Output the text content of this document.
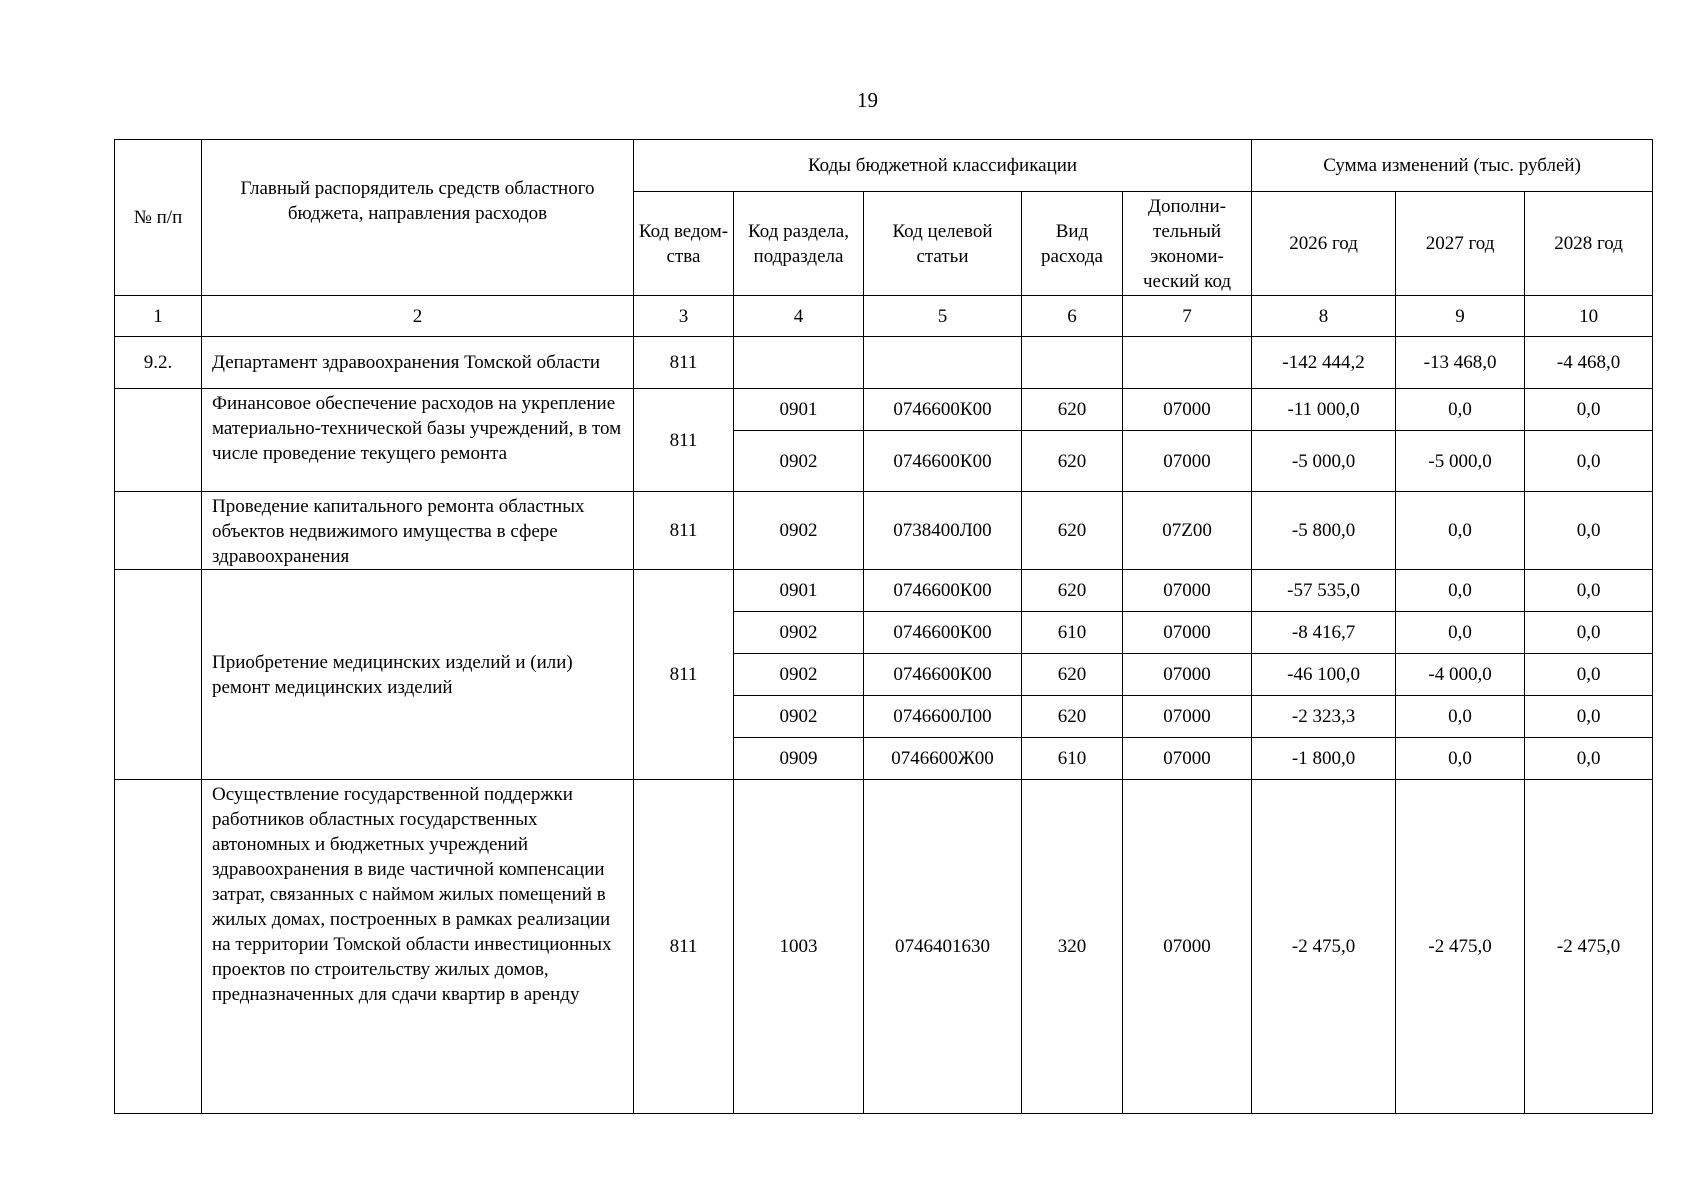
19
№ п/п	Главный распорядитель средств областного бюджета, направления расходов	Коды бюджетной классификации					Сумма изменений (тыс. рублей)		
		Код ведом-ства	Код раздела, подраздела	Код целевой статьи	Вид расхода	Дополни-тельный экономи-ческий код	2026 год	2027 год	2028 год
1	2	3	4	5	6	7	8	9	10
9.2.	Департамент здравоохранения Томской области	811					-142 444,2	-13 468,0	-4 468,0
	Финансовое обеспечение расходов на укрепление материально-технической базы учреждений, в том числе проведение текущего ремонта	811	0901	0746600К00	620	07000	-11 000,0	0,0	0,0
			0902	0746600К00	620	07000	-5 000,0	-5 000,0	0,0
	Проведение капитального ремонта областных объектов недвижимого имущества в сфере здравоохранения	811	0902	0738400Л00	620	07Z00	-5 800,0	0,0	0,0
	Приобретение медицинских изделий и (или) ремонт медицинских изделий	811	0901	0746600К00	620	07000	-57 535,0	0,0	0,0
			0902	0746600К00	610	07000	-8 416,7	0,0	0,0
			0902	0746600К00	620	07000	-46 100,0	-4 000,0	0,0
			0902	0746600Л00	620	07000	-2 323,3	0,0	0,0
			0909	0746600Ж00	610	07000	-1 800,0	0,0	0,0
	Осуществление государственной поддержки работников областных государственных автономных и бюджетных учреждений здравоохранения в виде частичной компенсации затрат, связанных с наймом жилых помещений в жилых домах, построенных в рамках реализации на территории Томской области инвестиционных проектов по строительству жилых домов, предназначенных для сдачи квартир в аренду	811	1003	0746401630	320	07000	-2 475,0	-2 475,0	-2 475,0
